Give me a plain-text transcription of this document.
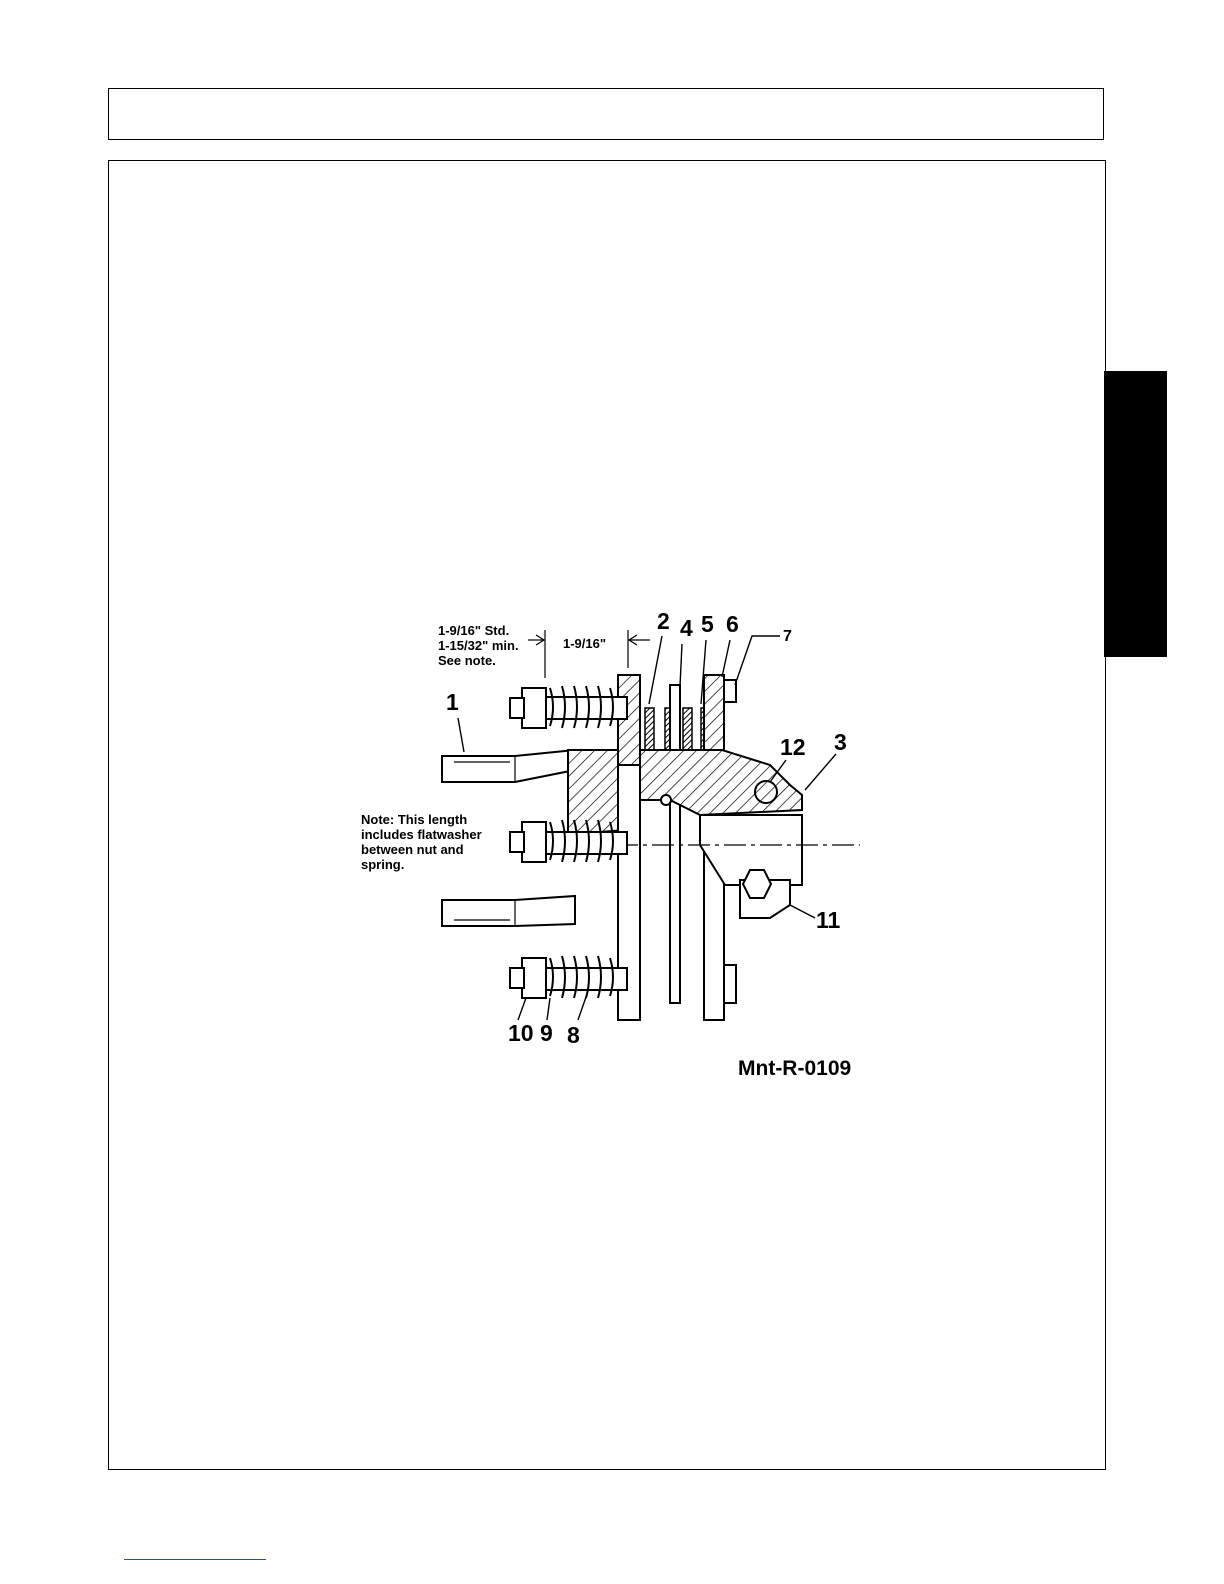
1-9/16" Std.
1-15/32" min.
See note.
1-9/16"
Note: This length
includes flatwasher
between nut and
spring.
1
2
3
4 5 6	7
8
9
10
11
12
Mnt-R-0109
